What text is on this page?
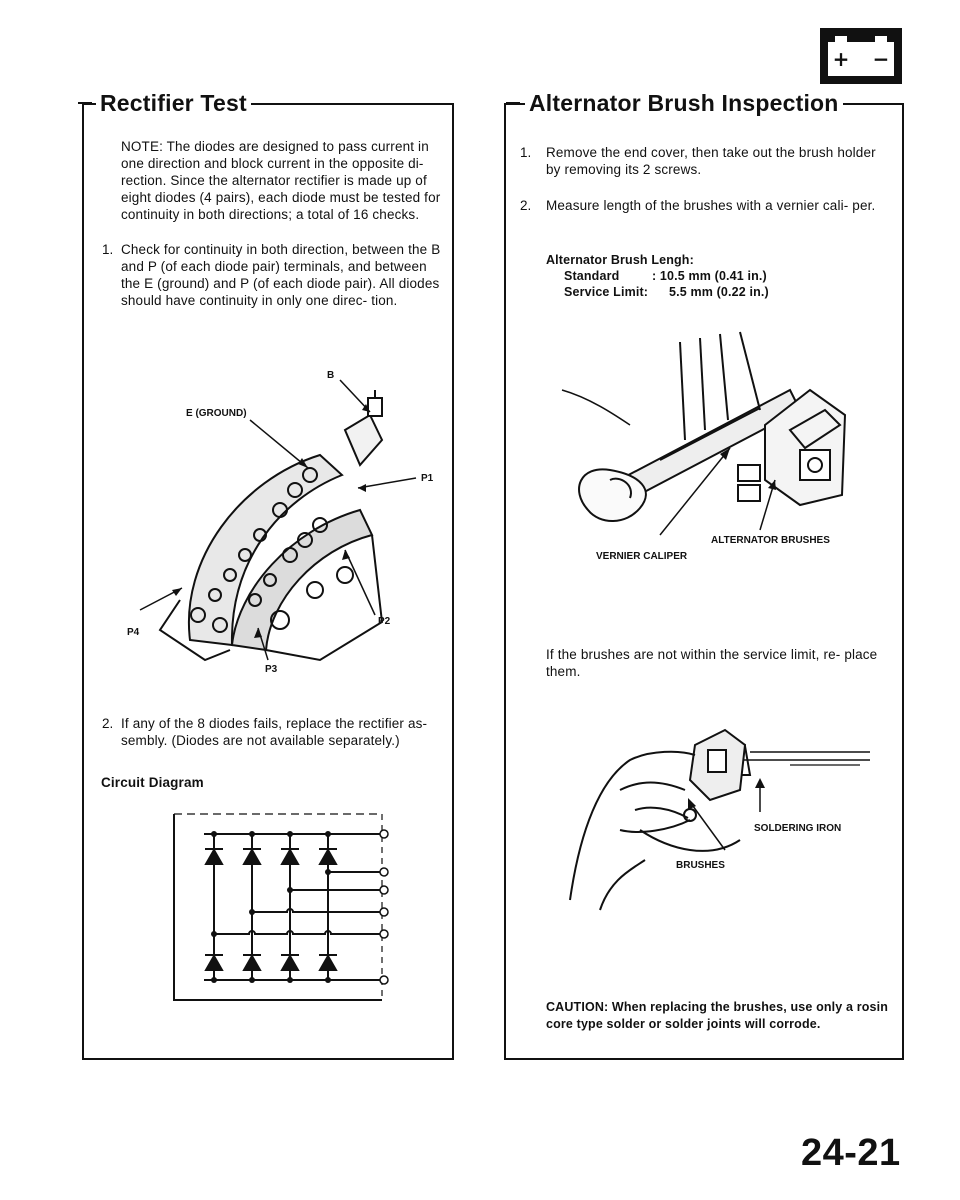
+ −
Rectifier Test
NOTE: The diodes are designed to pass current in one direction and block current in the opposite di- rection. Since the alternator rectifier is made up of eight diodes (4 pairs), each diode must be tested for continuity in both directions; a total of 16 checks.
1. Check for continuity in both direction, between the B and P (of each diode pair) terminals, and between the E (ground) and P (of each diode pair). All diodes should have continuity in only one direc- tion.
B
E (GROUND)
P1
P2
P3
P4
2. If any of the 8 diodes fails, replace the rectifier as- sembly. (Diodes are not available separately.)
Circuit Diagram
Alternator Brush Inspection
1. Remove the end cover, then take out the brush holder by removing its 2 screws.
2. Measure length of the brushes with a vernier cali- per.
Alternator Brush Lengh:
Standard	: 10.5 mm (0.41 in.)
Service Limit: 5.5 mm (0.22 in.)
ALTERNATOR BRUSHES
VERNIER CALIPER
If the brushes are not within the service limit, re- place them.
SOLDERING IRON
BRUSHES
CAUTION: When replacing the brushes, use only a rosin core type solder or solder joints will corrode.
24-21
